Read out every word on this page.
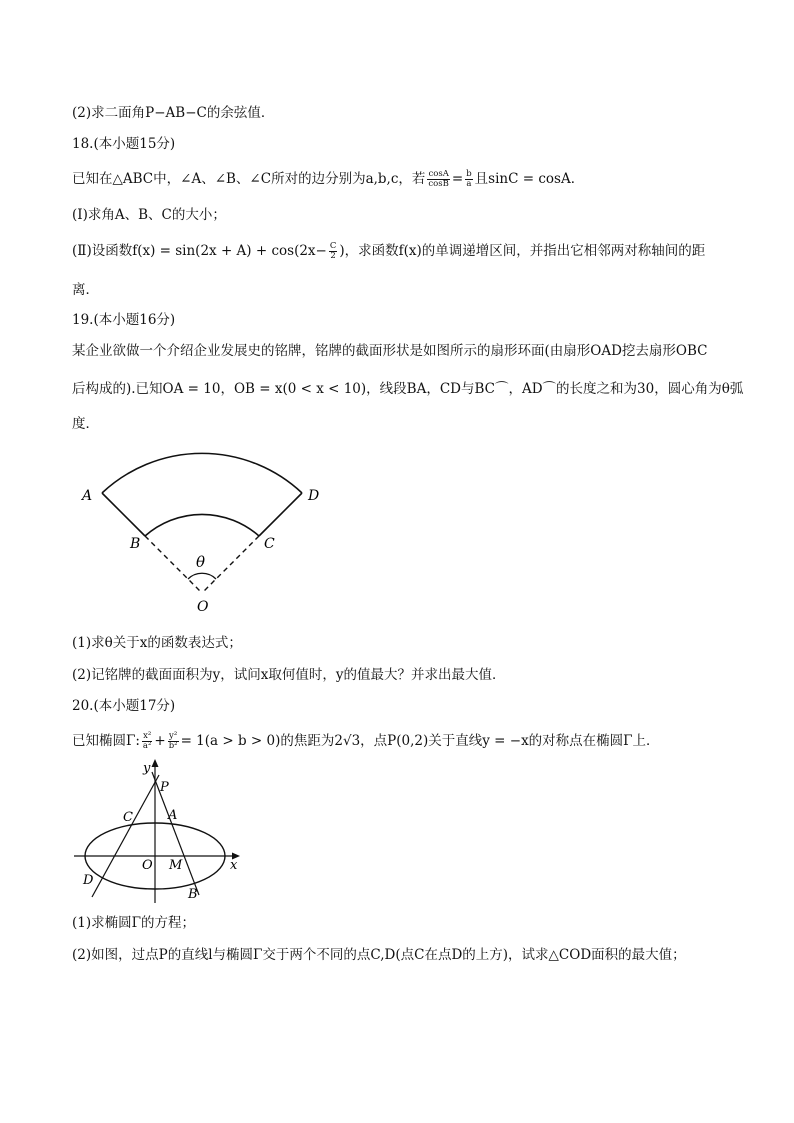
(2)求二面角P−AB−C的余弦值．
18.(本小题15分)
已知在△ABC中，∠A、∠B、∠C所对的边分别为a,b,c，若 $\frac{\cos A}{\cos B} = \frac{b}{a}$ 且sinC = cosA．
(Ⅰ)求角A、B、C的大小；
(Ⅱ)设函数$f(x) = \sin(2x + A) + \cos(2x- \frac{C}{2}$ )，求函数f(x)的单调递增区间，并指出它相邻两对称轴间的距
离．
19.(本小题16分)
某企业欲做一个介绍企业发展史的铭牌，铭牌的截面形状是如图所示的扇形环面(由扇形OAD挖去扇形OBC
后构成的).已知OA = 10，OB = x(0 < x < 10)，线段BA，CD与BC⌒，AD⌒的长度之和为30，圆心角为θ弧
度．
A	D
B	C
θ
O
(1)求θ关于x的函数表达式；
(2)记铭牌的截面面积为y，试问x取何值时，y的值最大？并求出最大值．
20.(本小题17分)
已知椭圆Γ: $\frac{\text{x²}}{\text{a²}} + \frac{\text{y²}}{\text{b²}} = 1(a > b > 0)$的焦距为2√3，点P(0,2)关于直线y = −x的对称点在椭圆Γ上．
y
P
C	A
O M	x
D
B
(1)求椭圆Γ的方程；
(2)如图，过点P的直线l与椭圆Γ交于两个不同的点C,D(点C在点D的上方)，试求△COD面积的最大值；
